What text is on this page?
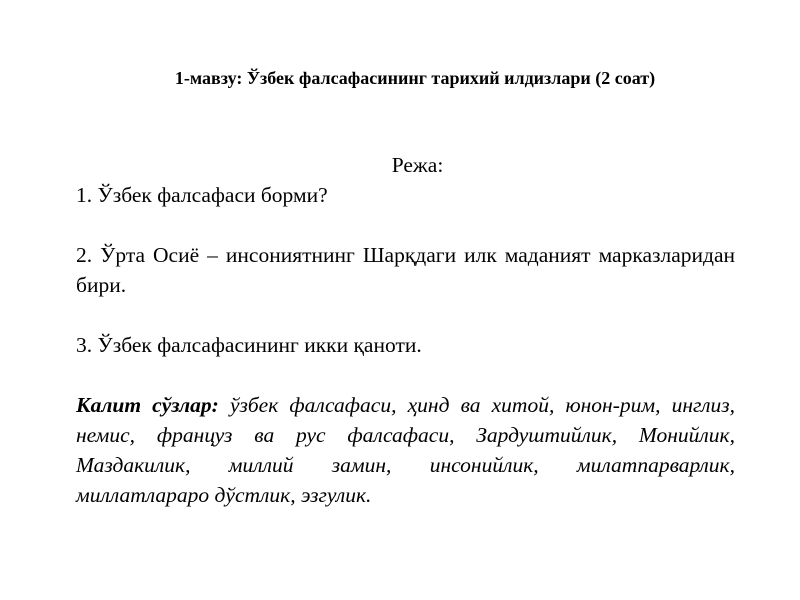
1-мавзу: Ўзбек фалсафасининг тарихий илдизлари (2 соат)

Режа:

1. Ўзбек фалсафаси борми?

2. Ўрта Осиё – инсониятнинг Шарқдаги илк маданият марказларидан бири.

3. Ўзбек фалсафасининг икки қаноти.

Калит сўзлар: ўзбек фалсафаси, ҳинд ва хитой, юнон-рим, инглиз, немис, француз ва рус фалсафаси, Зардуштийлик, Монийлик, Маздакилик, миллий замин, инсонийлик, милатпарварлик, миллатлараро дўстлик, эзгулик.
